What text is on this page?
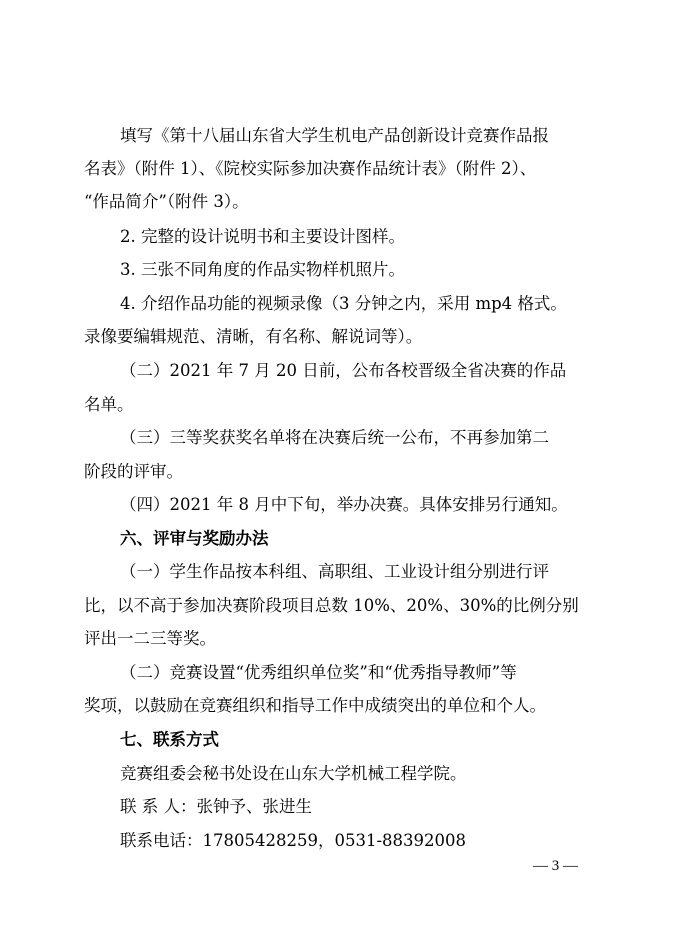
填写《第十八届山东省大学生机电产品创新设计竞赛作品报
名表》（附件 1）、《院校实际参加决赛作品统计表》（附件 2）、
“作品简介”（附件 3）。
2. 完整的设计说明书和主要设计图样。
3. 三张不同角度的作品实物样机照片。
4. 介绍作品功能的视频录像（3 分钟之内，采用 mp4 格式。
录像要编辑规范、清晰，有名称、解说词等）。
（二）2021 年 7 月 20 日前，公布各校晋级全省决赛的作品
名单。
（三）三等奖获奖名单将在决赛后统一公布，不再参加第二
阶段的评审。
（四）2021 年 8 月中下旬，举办决赛。具体安排另行通知。
六、评审与奖励办法
（一）学生作品按本科组、高职组、工业设计组分别进行评
比，以不高于参加决赛阶段项目总数 10%、20%、30%的比例分别
评出一二三等奖。
（二）竞赛设置“优秀组织单位奖”和“优秀指导教师”等
奖项，以鼓励在竞赛组织和指导工作中成绩突出的单位和个人。
七、联系方式
竞赛组委会秘书处设在山东大学机械工程学院。
联 系 人：张钟予、张进生
联系电话：17805428259，0531-88392008
— 3 —
